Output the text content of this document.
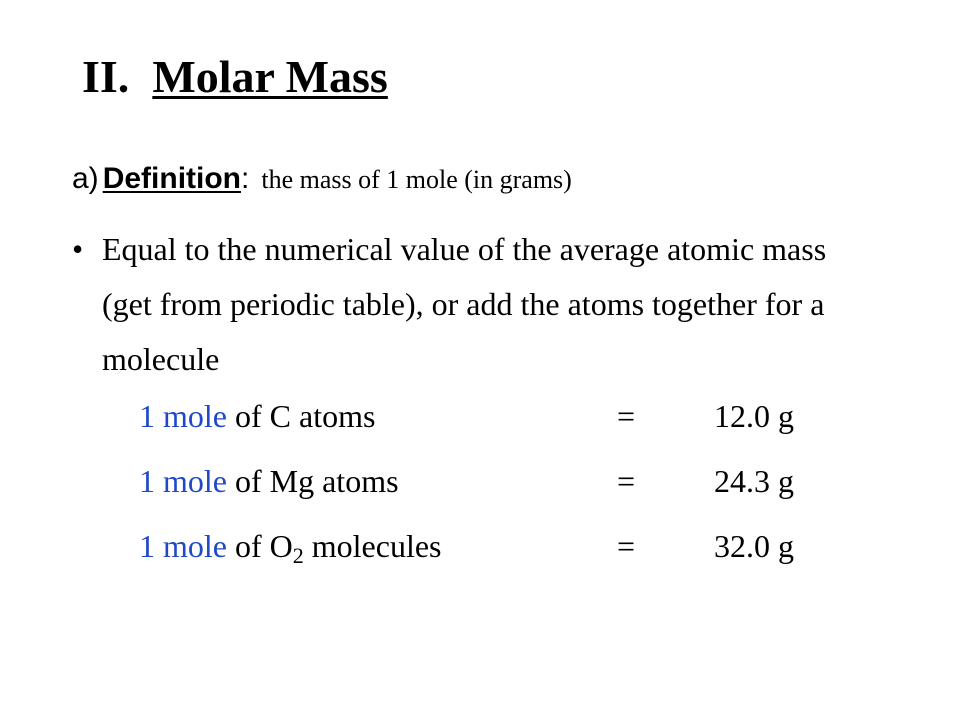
II. Molar Mass
a) Definition: the mass of 1 mole (in grams)
• Equal to the numerical value of the average atomic mass (get from periodic table), or add the atoms together for a molecule
1 mole of C atoms	= 12.0 g
1 mole of Mg atoms	= 24.3 g
1 mole of $O_2$ molecules	= 32.0 g
